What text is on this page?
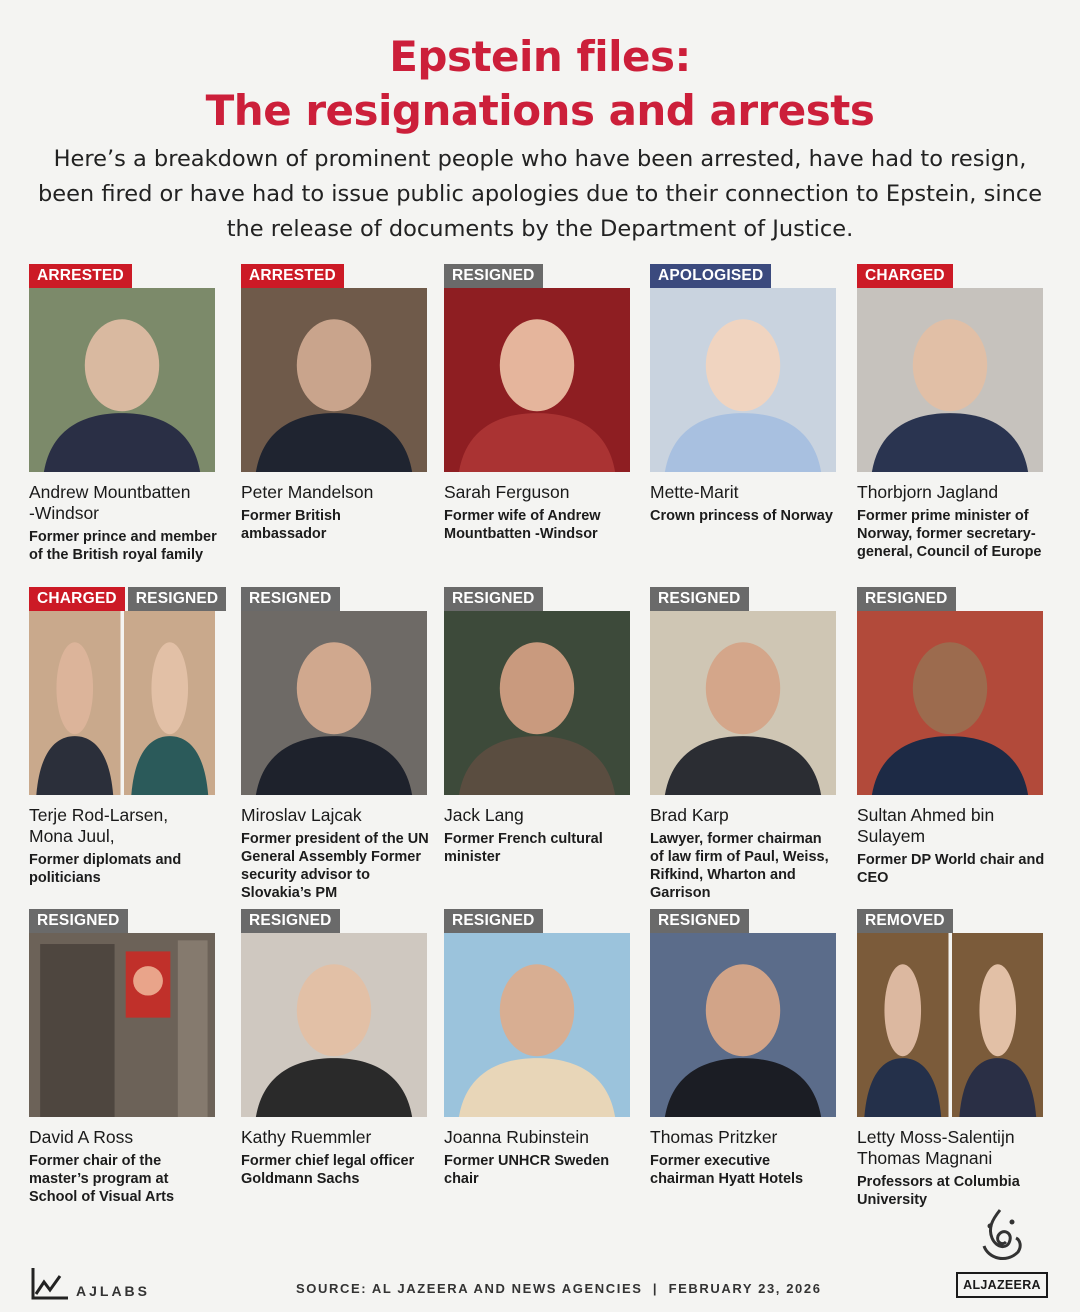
Epstein files:
The resignations and arrests
Here’s a breakdown of prominent people who have been arrested, have had to resign, been fired or have had to issue public apologies due to their connection to Epstein, since the release of documents by the Department of Justice.
ARRESTED
Andrew Mountbatten
-Windsor
Former prince and member of the British royal family
ARRESTED
Peter Mandelson
Former British ambassador
RESIGNED
Sarah Ferguson
Former wife of Andrew Mountbatten -Windsor
APOLOGISED
Mette-Marit
Crown princess of Norway
CHARGED
Thorbjorn Jagland
Former prime minister of Norway, former secretary-general, Council of Europe
CHARGED	RESIGNED
Terje Rod-Larsen,
Mona Juul,
Former diplomats and politicians
RESIGNED
Miroslav Lajcak
Former president of the UN General Assembly Former security advisor to Slovakia’s PM
RESIGNED
Jack Lang
Former French cultural minister
RESIGNED
Brad Karp
Lawyer, former chairman of law firm of Paul, Weiss, Rifkind, Wharton and Garrison
RESIGNED
Sultan Ahmed bin
Sulayem
Former DP World chair and CEO
RESIGNED
David A Ross
Former chair of the master’s program at School of Visual Arts
RESIGNED
Kathy Ruemmler
Former chief legal officer Goldmann Sachs
RESIGNED
Joanna Rubinstein
Former UNHCR Sweden chair
RESIGNED
Thomas Pritzker
Former executive chairman Hyatt Hotels
REMOVED
Letty Moss-Salentijn
Thomas Magnani
Professors at Columbia University
AJLABS	SOURCE: AL JAZEERA AND NEWS AGENCIES  |  FEBRUARY 23, 2026	ALJAZEERA
